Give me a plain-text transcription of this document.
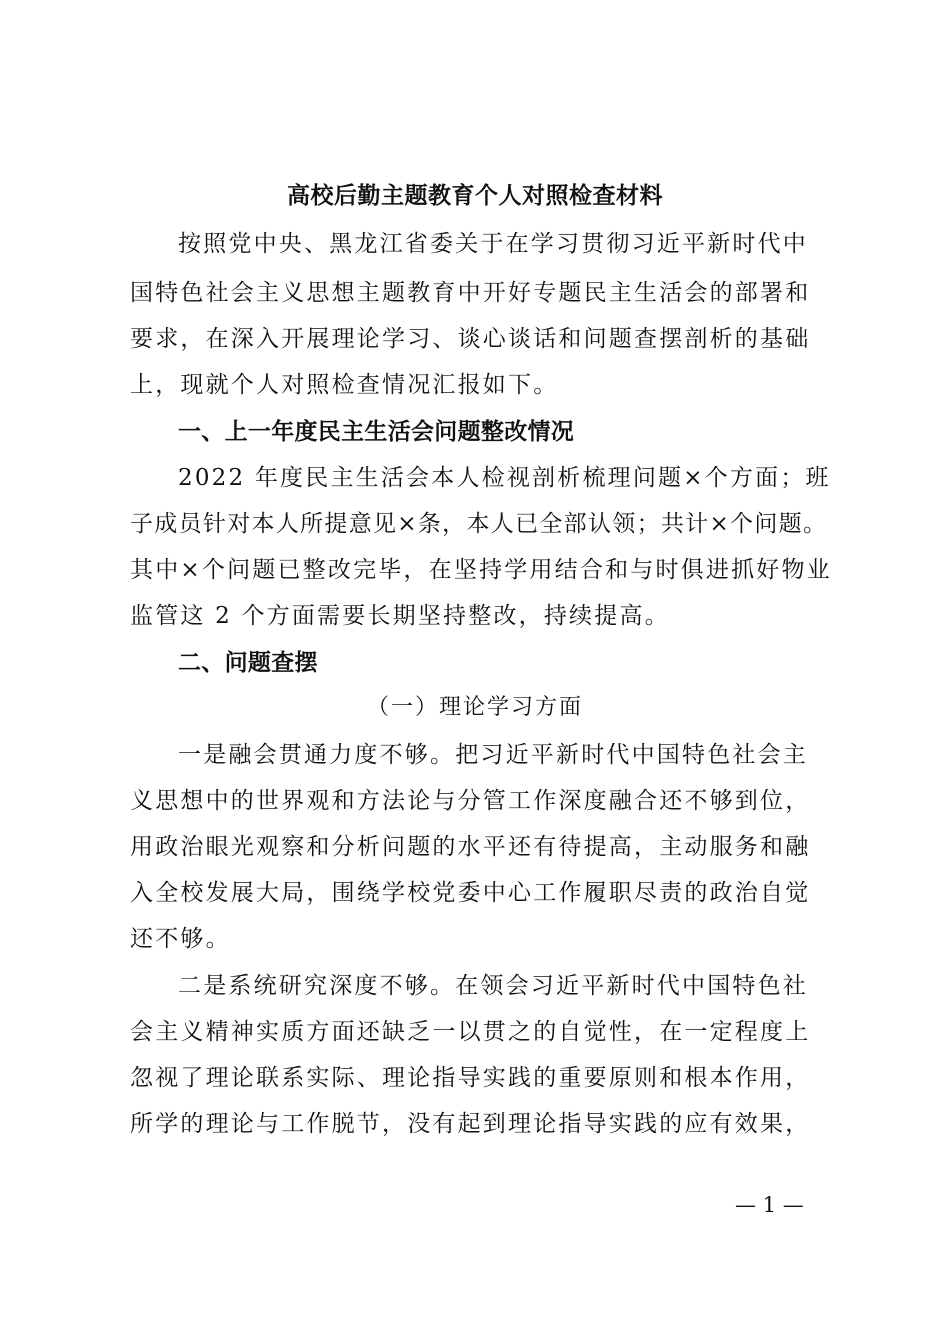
高校后勤主题教育个人对照检查材料
按照党中央、黑龙江省委关于在学习贯彻习近平新时代中
国特色社会主义思想主题教育中开好专题民主生活会的部署和
要求，在深入开展理论学习、谈心谈话和问题查摆剖析的基础
上，现就个人对照检查情况汇报如下。
一、上一年度民主生活会问题整改情况
2022 年度民主生活会本人检视剖析梳理问题×个方面；班
子成员针对本人所提意见×条，本人已全部认领；共计×个问题。
其中×个问题已整改完毕，在坚持学用结合和与时俱进抓好物业
监管这 2 个方面需要长期坚持整改，持续提高。
二、问题查摆
（一）理论学习方面
一是融会贯通力度不够。把习近平新时代中国特色社会主
义思想中的世界观和方法论与分管工作深度融合还不够到位，
用政治眼光观察和分析问题的水平还有待提高，主动服务和融
入全校发展大局，围绕学校党委中心工作履职尽责的政治自觉
还不够。
二是系统研究深度不够。在领会习近平新时代中国特色社
会主义精神实质方面还缺乏一以贯之的自觉性，在一定程度上
忽视了理论联系实际、理论指导实践的重要原则和根本作用，
所学的理论与工作脱节，没有起到理论指导实践的应有效果，
— 1 —
